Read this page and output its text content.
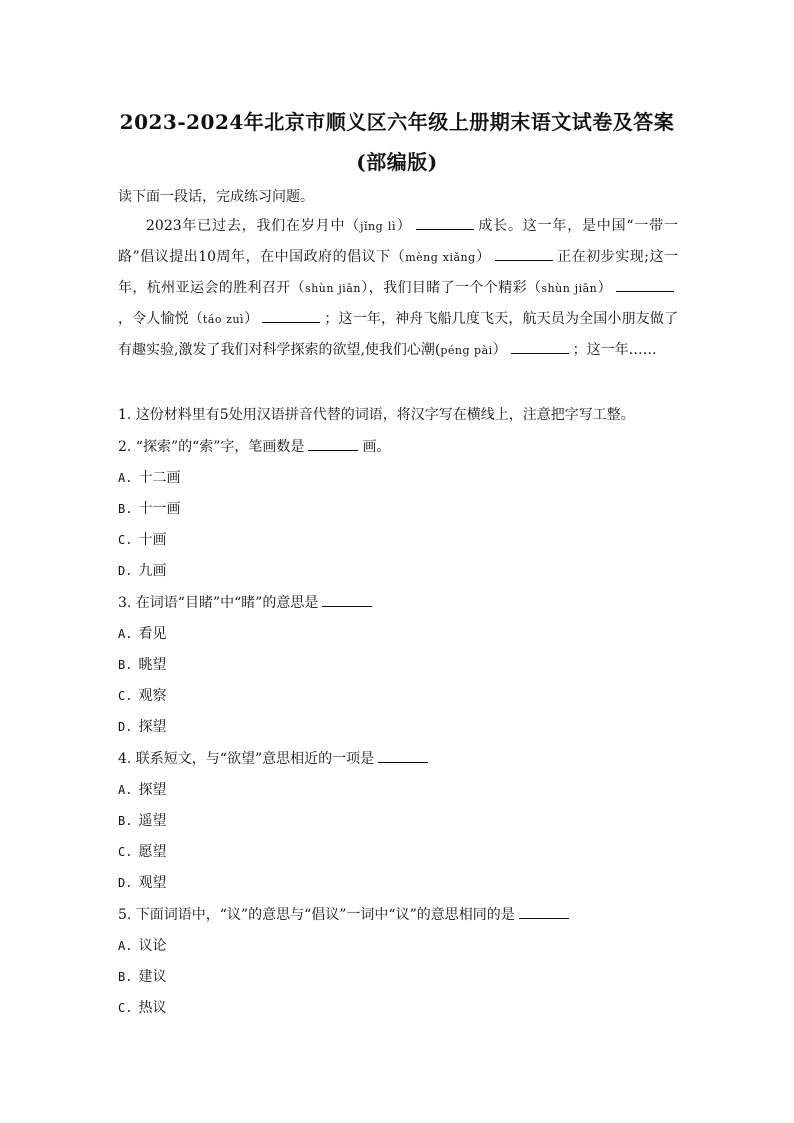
2023-2024年北京市顺义区六年级上册期末语文试卷及答案
(部编版)
读下面一段话，完成练习问题。
2023年已过去，我们在岁月中（jǐng lì）	成长。这一年，是中国“一带一路”倡议提出10周年，在中国政府的倡议下（mèng xiǎng）	正在初步实现;这一年，杭州亚运会的胜利召开（shùn jiān），我们目睹了一个个精彩（shùn jiān），令人愉悦（táo zuì）	；这一年，神舟飞船几度飞天，航天员为全国小朋友做了有趣实验,激发了我们对科学探索的欲望,使我们心潮(péng pài）	；这一年……
1. 这份材料里有5处用汉语拼音代替的词语，将汉字写在横线上，注意把字写工整。
2. “探索”的“索”字，笔画数是	画。
A. 十二画
B. 十一画
C. 十画
D. 九画
3. 在词语“目睹”中“睹”的意思是
A. 看见
B. 眺望
C. 观察
D. 探望
4. 联系短文，与“欲望”意思相近的一项是
A. 探望
B. 遥望
C. 愿望
D. 观望
5. 下面词语中，“议”的意思与“倡议”一词中“议”的意思相同的是
A. 议论
B. 建议
C. 热议
